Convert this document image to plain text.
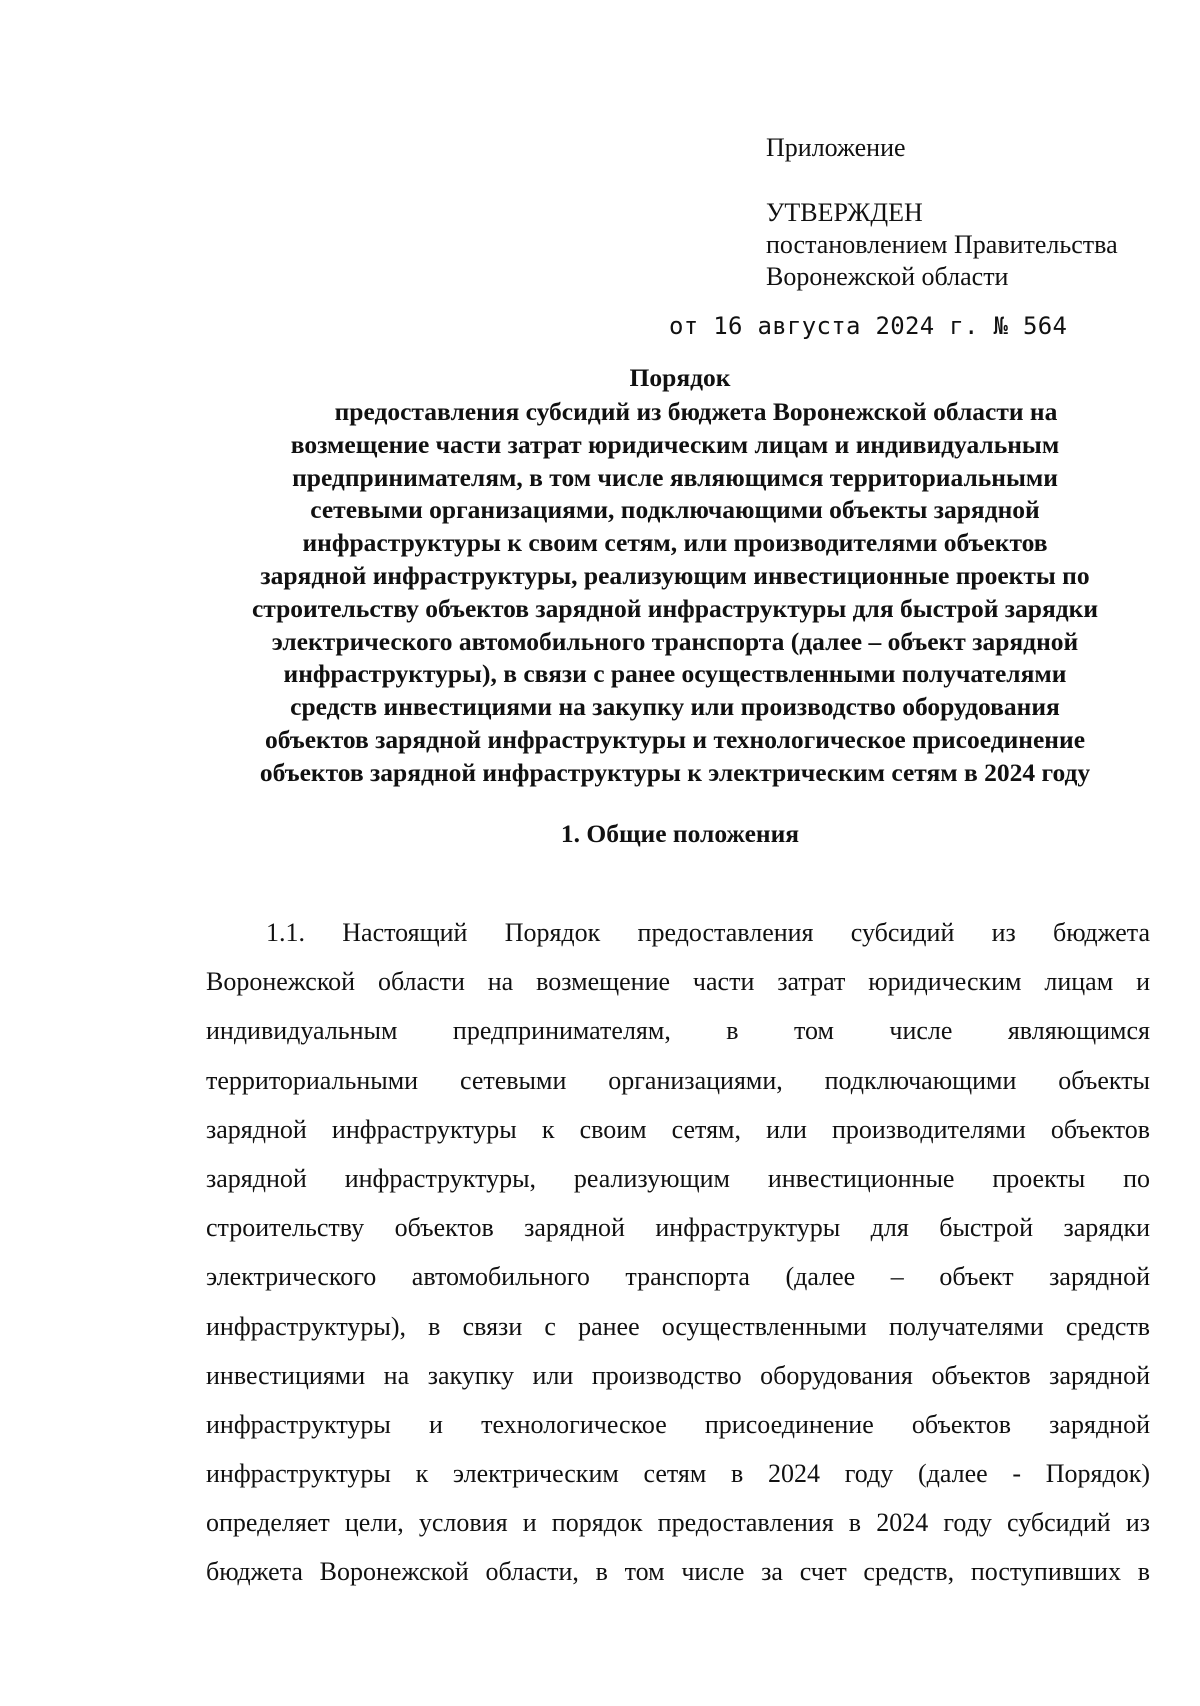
Приложение
УТВЕРЖДЕН
постановлением Правительства
Воронежской области
от 16 августа 2024 г. № 564
Порядок
предоставления субсидий из бюджета Воронежской области на
возмещение части затрат юридическим лицам и индивидуальным
предпринимателям, в том числе являющимся территориальными
сетевыми организациями, подключающими объекты зарядной
инфраструктуры к своим сетям, или производителями объектов
зарядной инфраструктуры, реализующим инвестиционные проекты по
строительству объектов зарядной инфраструктуры для быстрой зарядки
электрического автомобильного транспорта (далее – объект зарядной
инфраструктуры), в связи с ранее осуществленными получателями
средств инвестициями на закупку или производство оборудования
объектов зарядной инфраструктуры и технологическое присоединение
объектов зарядной инфраструктуры к электрическим сетям в 2024 году
1. Общие положения
1.1. Настоящий Порядок предоставления субсидий из бюджета
Воронежской области на возмещение части затрат юридическим лицам и
индивидуальным предпринимателям, в том числе являющимся
территориальными сетевыми организациями, подключающими объекты
зарядной инфраструктуры к своим сетям, или производителями объектов
зарядной инфраструктуры, реализующим инвестиционные проекты по
строительству объектов зарядной инфраструктуры для быстрой зарядки
электрического автомобильного транспорта (далее – объект зарядной
инфраструктуры), в связи с ранее осуществленными получателями средств
инвестициями на закупку или производство оборудования объектов зарядной
инфраструктуры и технологическое присоединение объектов зарядной
инфраструктуры к электрическим сетям в 2024 году (далее - Порядок)
определяет цели, условия и порядок предоставления в 2024 году субсидий из
бюджета Воронежской области, в том числе за счет средств, поступивших в
